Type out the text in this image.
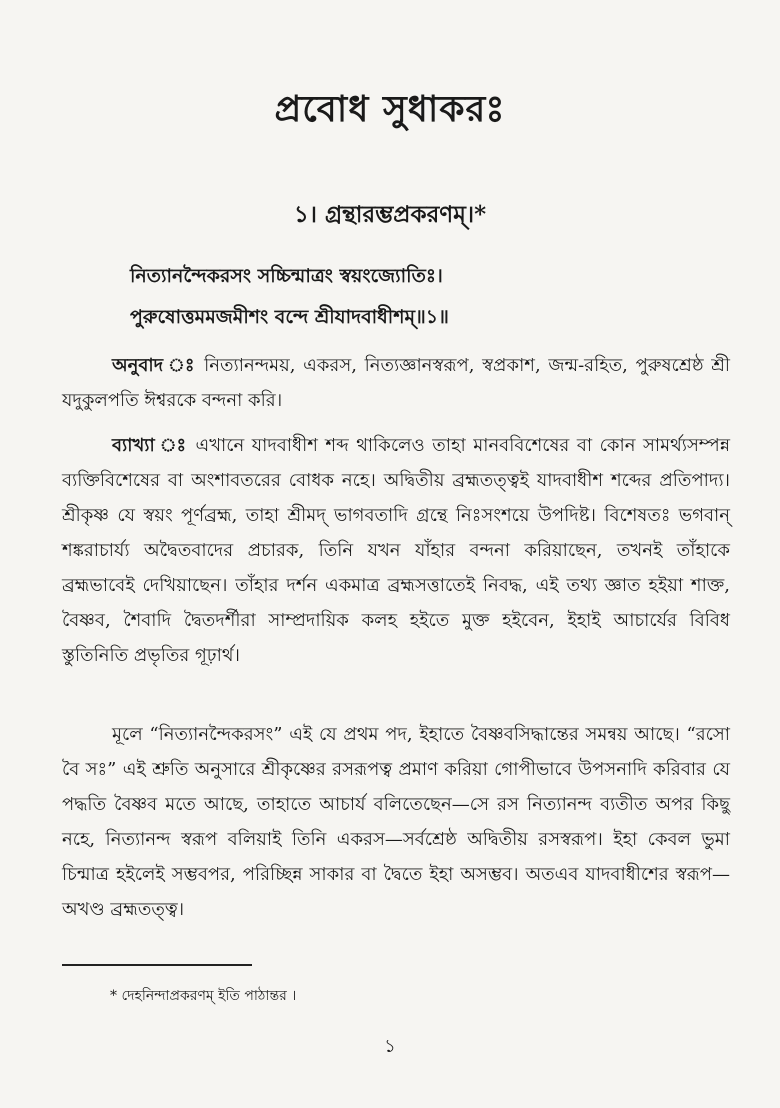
প্রবোধ সুধাকরঃ
১। গ্রন্থারম্ভপ্রকরণম্।*
নিত্যানন্দৈকরসং সচ্চিন্মাত্রং স্বয়ংজ্যোতিঃ।
পুরুষোত্তমমজমীশং বন্দে শ্রীযাদবাধীশম্॥১॥
অনুবাদ ঃ নিত্যানন্দময়, একরস, নিত্যজ্ঞানস্বরূপ, স্বপ্রকাশ, জন্ম-রহিত, পুরুষশ্রেষ্ঠ শ্রী যদুকুলপতি ঈশ্বরকে বন্দনা করি।
ব্যাখ্যা ঃ এখানে যাদবাধীশ শব্দ থাকিলেও তাহা মানববিশেষের বা কোন সামর্থ্যসম্পন্ন ব্যক্তিবিশেষের বা অংশাবতরের বোধক নহে। অদ্বিতীয় ব্রহ্মতত্ত্বই যাদবাধীশ শব্দের প্রতিপাদ্য। শ্রীকৃষ্ণ যে স্বয়ং পূর্ণব্রহ্ম, তাহা শ্রীমদ্ ভাগবতাদি গ্রন্থে নিঃসংশয়ে উপদিষ্ট। বিশেষতঃ ভগবান্ শঙ্করাচার্য্য অদ্বৈতবাদের প্রচারক, তিনি যখন যাঁহার বন্দনা করিয়াছেন, তখনই তাঁহাকে ব্রহ্মভাবেই দেখিয়াছেন। তাঁহার দর্শন একমাত্র ব্রহ্মসত্তাতেই নিবদ্ধ, এই তথ্য জ্ঞাত হইয়া শাক্ত, বৈষ্ণব, শৈবাদি দ্বৈতদর্শীরা সাম্প্রদায়িক কলহ হইতে মুক্ত হইবেন, ইহাই আচার্যের বিবিধ স্তুতিনিতি প্রভৃতির গূঢ়ার্থ।
মূলে “নিত্যানন্দৈকরসং” এই যে প্রথম পদ, ইহাতে বৈষ্ণবসিদ্ধান্তের সমন্বয় আছে। “রসো বৈ সঃ” এই শ্রুতি অনুসারে শ্রীকৃষ্ণের রসরূপত্ব প্রমাণ করিয়া গোপীভাবে উপসনাদি করিবার যে পদ্ধতি বৈষ্ণব মতে আছে, তাহাতে আচার্য বলিতেছেন—সে রস নিত্যানন্দ ব্যতীত অপর কিছু নহে, নিত্যানন্দ স্বরূপ বলিয়াই তিনি একরস—সর্বশ্রেষ্ঠ অদ্বিতীয় রসস্বরূপ। ইহা কেবল ভুমা চিন্মাত্র হইলেই সম্ভবপর, পরিচ্ছিন্ন সাকার বা দ্বৈতে ইহা অসম্ভব। অতএব যাদবাধীশের স্বরূপ—অখণ্ড ব্রহ্মতত্ত্ব।
* দেহনিন্দাপ্রকরণম্ ইতি পাঠান্তর ।
১
